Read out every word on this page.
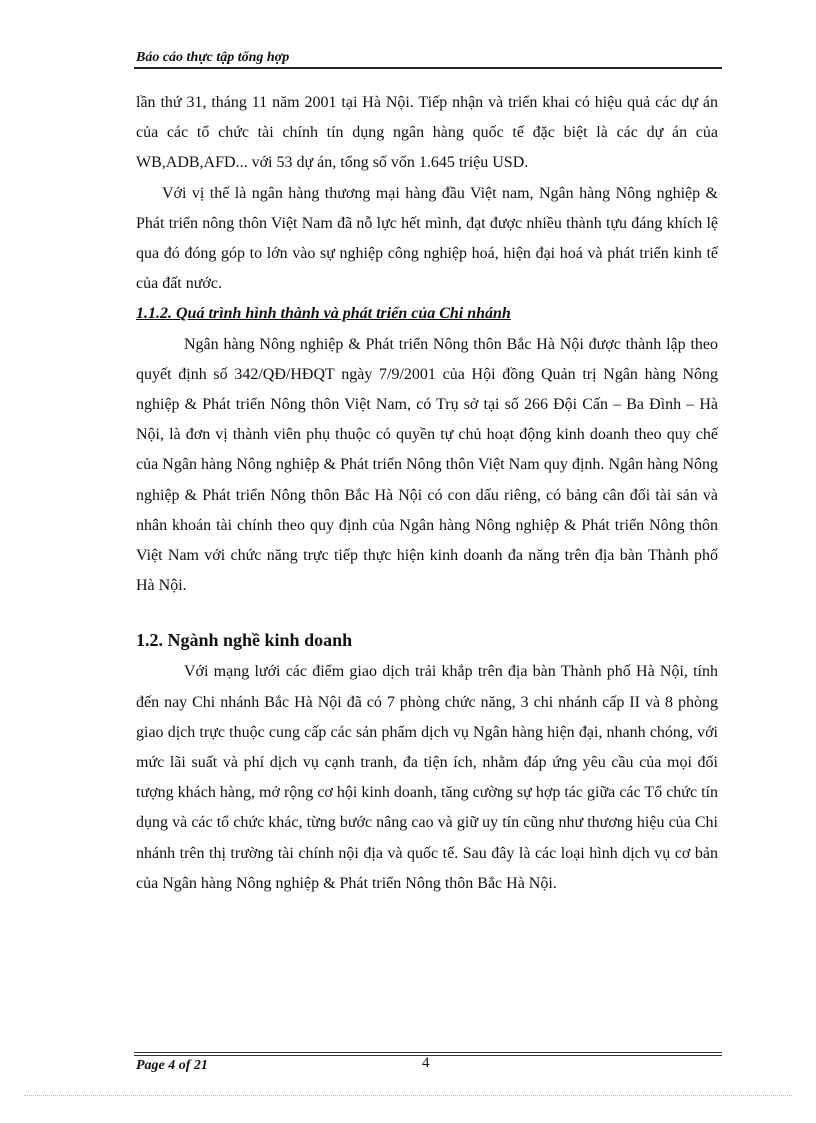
Báo cáo thực tập tổng hợp

lần thứ 31, tháng 11 năm 2001 tại Hà Nội. Tiếp nhận và triển khai có hiệu quả các dự án của các tổ chức tài chính tín dụng ngân hàng quốc tế đặc biệt là các dự án của WB,ADB,AFD... với 53 dự án, tổng số vốn 1.645 triệu USD.

Với vị thế là ngân hàng thương mại hàng đầu Việt nam, Ngân hàng Nông nghiệp & Phát triển nông thôn Việt Nam đã nỗ lực hết mình, đạt được nhiều thành tựu đáng khích lệ qua đó đóng góp to lớn vào sự nghiệp công nghiệp hoá, hiện đại hoá và phát triển kinh tế của đất nước.

1.1.2. Quá trình hình thành và phát triển của Chi nhánh

Ngân hàng Nông nghiệp & Phát triển Nông thôn Bắc Hà Nội được thành lập theo quyết định số 342/QĐ/HĐQT ngày 7/9/2001 của Hội đồng Quản trị Ngân hàng Nông nghiệp & Phát triển Nông thôn Việt Nam, có Trụ sở tại số 266 Đội Cấn – Ba Đình – Hà Nội, là đơn vị thành viên phụ thuộc có quyền tự chủ hoạt động kinh doanh theo quy chế của Ngân hàng Nông nghiệp & Phát triển Nông thôn Việt Nam quy định. Ngân hàng Nông nghiệp & Phát triển Nông thôn Bắc Hà Nội có con dấu riêng, có bảng cân đối tài sản và nhân khoán tài chính theo quy định của Ngân hàng Nông nghiệp & Phát triển Nông thôn Việt Nam với chức năng trực tiếp thực hiện kinh doanh đa năng trên địa bàn Thành phố Hà Nội.

1.2. Ngành nghề kinh doanh

Với mạng lưới các điểm giao dịch trải khắp trên địa bàn Thành phố Hà Nội, tính đến nay Chi nhánh Bắc Hà Nội đã có 7 phòng chức năng, 3 chi nhánh cấp II và 8 phòng giao dịch trực thuộc cung cấp các sản phẩm dịch vụ Ngân hàng hiện đại, nhanh chóng, với mức lãi suất và phí dịch vụ cạnh tranh, đa tiện ích, nhằm đáp ứng yêu cầu của mọi đối tượng khách hàng, mở rộng cơ hội kinh doanh, tăng cường sự hợp tác giữa các Tổ chức tín dụng và các tổ chức khác, từng bước nâng cao và giữ uy tín cũng như thương hiệu của Chi nhánh trên thị trường tài chính nội địa và quốc tế. Sau đây là các loại hình dịch vụ cơ bản của Ngân hàng Nông nghiệp & Phát triển Nông thôn Bắc Hà Nội.

Page 4 of 21	4
